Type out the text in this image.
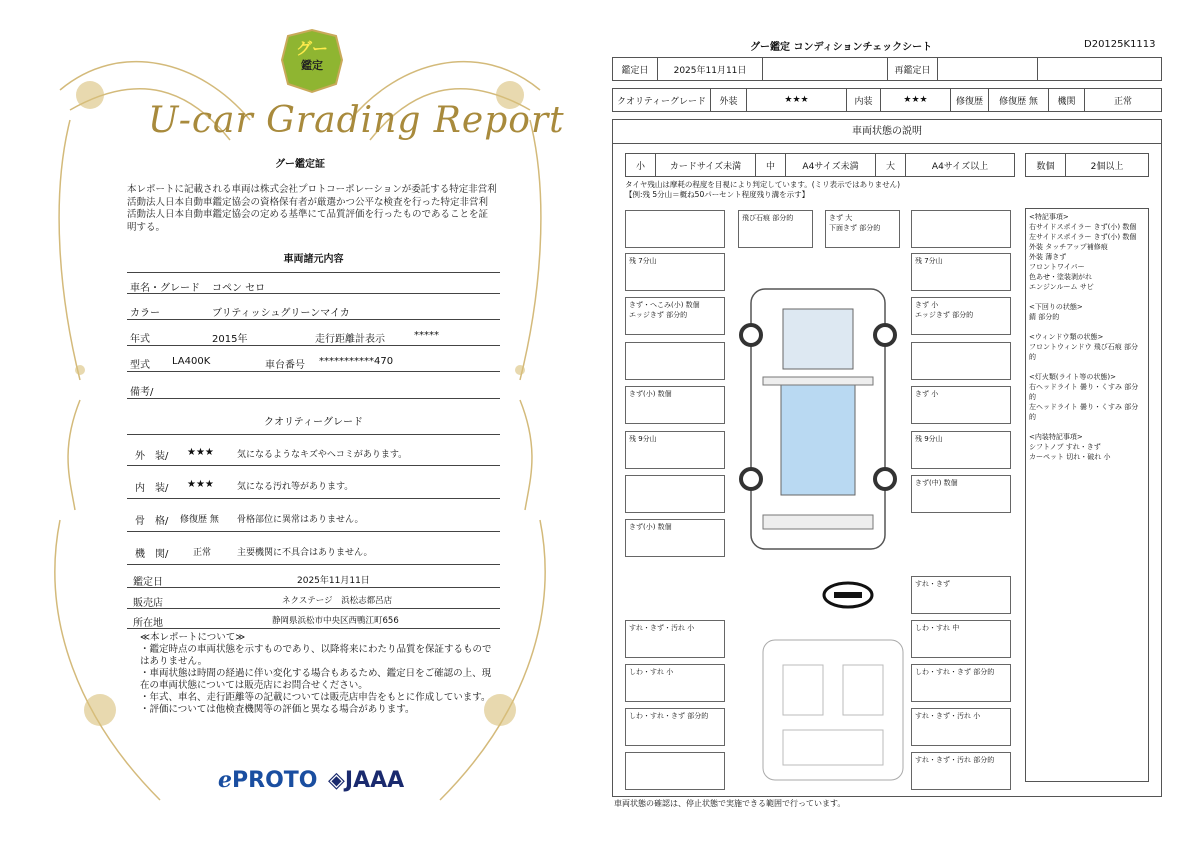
グー
鑑定
U-car Grading Report
グー鑑定証
本レポートに記載される車両は株式会社プロトコーポレーションが委託する特定非営利活動法人日本自動車鑑定協会の資格保有者が厳選かつ公平な検査を行った特定非営利活動法人日本自動車鑑定協会の定める基準にて品質評価を行ったものであることを証明する。
車両諸元内容
車名・グレード コペン セロ
カラー	ブリティッシュグリーンマイカ
年式	2015年	走行距離計表示	*****
型式 LA400K	車台番号 ***********470
備考/
クオリティーグレード
外　装/ ★★★	気になるようなキズやヘコミがあります。
内　装/ ★★★	気になる汚れ等があります。
骨　格/ 修復歴 無 骨格部位に異常はありません。
機　関/	正常	主要機関に不具合はありません。
鑑定日	2025年11月11日
販売店	ネクステージ　浜松志都呂店
所在地	静岡県浜松市中央区西鴨江町656
≪本レポートについて≫
・鑑定時点の車両状態を示すものであり、以降将来にわたり品質を保証するものではありません。
・車両状態は時間の経過に伴い変化する場合もあるため、鑑定日をご確認の上、現在の車両状態については販売店にお問合せください。
・年式、車名、走行距離等の記載については販売店申告をもとに作成しています。
・評価については他検査機関等の評価と異なる場合があります。
ℯPROTO ◈JAAA
グー鑑定 コンディションチェックシート	D20125K1113
鑑定日	2025年11月11日	再鑑定日
クオリティーグレード	外装	★★★	内装	★★★	修復歴	修復歴 無	機関	正常
車両状態の説明
小	カードサイズ未満	中	A4サイズ未満	大	A4サイズ以上	数個	2個以上
タイヤ残山は摩耗の程度を目視により判定しています。(ミリ表示ではありません)
【例:残 5分山＝概ね50パーセント程度残り溝を示す】
飛び石痕 部分的	きず 大
下面きず 部分的
残 7分山	残 7分山
きず・へこみ(小) 数個
エッジきず 部分的
きず 小
エッジきず 部分的
きず(小) 数個	きず 小
残 9分山	残 9分山
きず(中) 数個
きず(小) 数個
すれ・きず
すれ・きず・汚れ 小	しわ・すれ 中
しわ・すれ 小	しわ・すれ・きず 部分的
しわ・すれ・きず 部分的	すれ・きず・汚れ 小
すれ・きず・汚れ 部分的
<特記事項>
右サイドスポイラー きず(小) 数個
左サイドスポイラー きず(小) 数個
外装 タッチアップ補修痕
外装 薄きず
フロントワイパー
色あせ・塗装剥がれ
エンジンルーム サビ
<下回りの状態>
錆 部分的
<ウィンドウ類の状態>
フロントウィンドウ 飛び石痕 部分的
<灯火類(ライト等の状態)>
右ヘッドライト 曇り・くすみ 部分的
左ヘッドライト 曇り・くすみ 部分的
<内装特記事項>
シフトノブ すれ・きず
カーペット 切れ・破れ 小
車両状態の確認は、停止状態で実施できる範囲で行っています。
